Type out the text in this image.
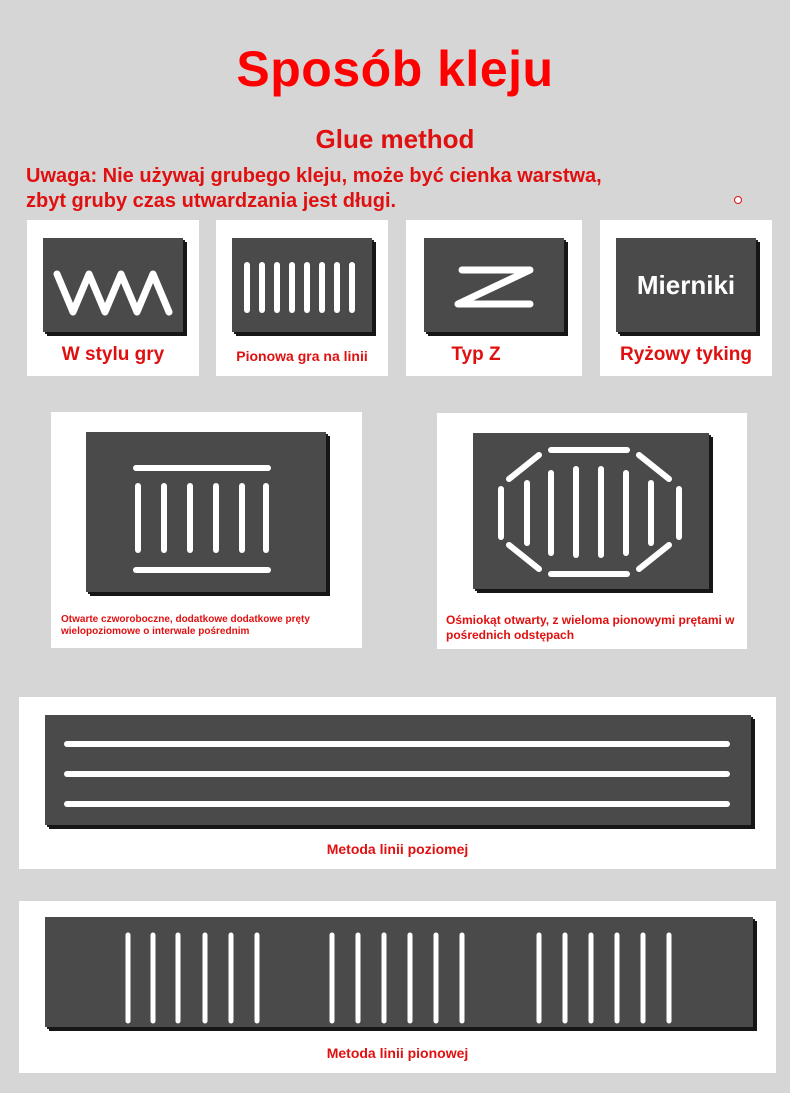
Sposób kleju
Glue method
Uwaga: Nie używaj grubego kleju, może być cienka warstwa,
zbyt gruby czas utwardzania jest długi.
W stylu gry	Pionowa gra na linii	Typ Z
Mierniki
Ryżowy tyking
Otwarte czworoboczne, dodatkowe dodatkowe pręty wielopoziomowe o interwale pośrednim
Ośmiokąt otwarty, z wieloma pionowymi prętami w pośrednich odstępach
Metoda linii poziomej
Metoda linii pionowej
